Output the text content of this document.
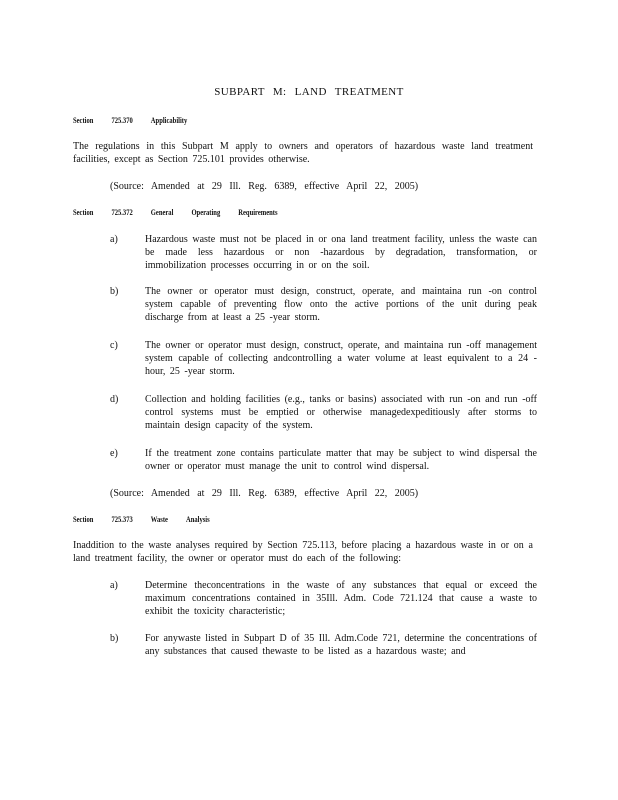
SUBPART M: LAND TREATMENT
Section 725.370 Applicability
The regulations in this Subpart M apply to owners and operators of hazardous waste land treatment facilities, except as Section 725.101 provides otherwise.
(Source: Amended at 29 Ill. Reg. 6389, effective April 22, 2005)
Section 725.372 General Operating Requirements
a)	Hazardous waste must not be placed in or ona land treatment facility, unless the waste can be made less hazardous or non -hazardous by degradation, transformation, or immobilization processes occurring in or on the soil.
b)	The owner or operator must design, construct, operate, and maintaina run -on control system capable of preventing flow onto the active portions of the unit during peak discharge from at least a 25 -year storm.
c)	The owner or operator must design, construct, operate, and maintaina run -off management system capable of collecting andcontrolling a water volume at least equivalent to a 24 -hour, 25 -year storm.
d)	Collection and holding facilities (e.g., tanks or basins) associated with run -on and run -off control systems must be emptied or otherwise managedexpeditiously after storms to maintain design capacity of the system.
e)	If the treatment zone contains particulate matter that may be subject to wind dispersal the owner or operator must manage the unit to control wind dispersal.
(Source: Amended at 29 Ill. Reg. 6389, effective April 22, 2005)
Section 725.373 Waste Analysis
Inaddition to the waste analyses required by Section 725.113, before placing a hazardous waste in or on a land treatment facility, the owner or operator must do each of the following:
a)	Determine theconcentrations in the waste of any substances that equal or exceed the maximum concentrations contained in 35Ill. Adm. Code 721.124 that cause a waste to exhibit the toxicity characteristic;
b)	For anywaste listed in Subpart D of 35 Ill. Adm.Code 721, determine the concentrations of any substances that caused thewaste to be listed as a hazardous waste; and
